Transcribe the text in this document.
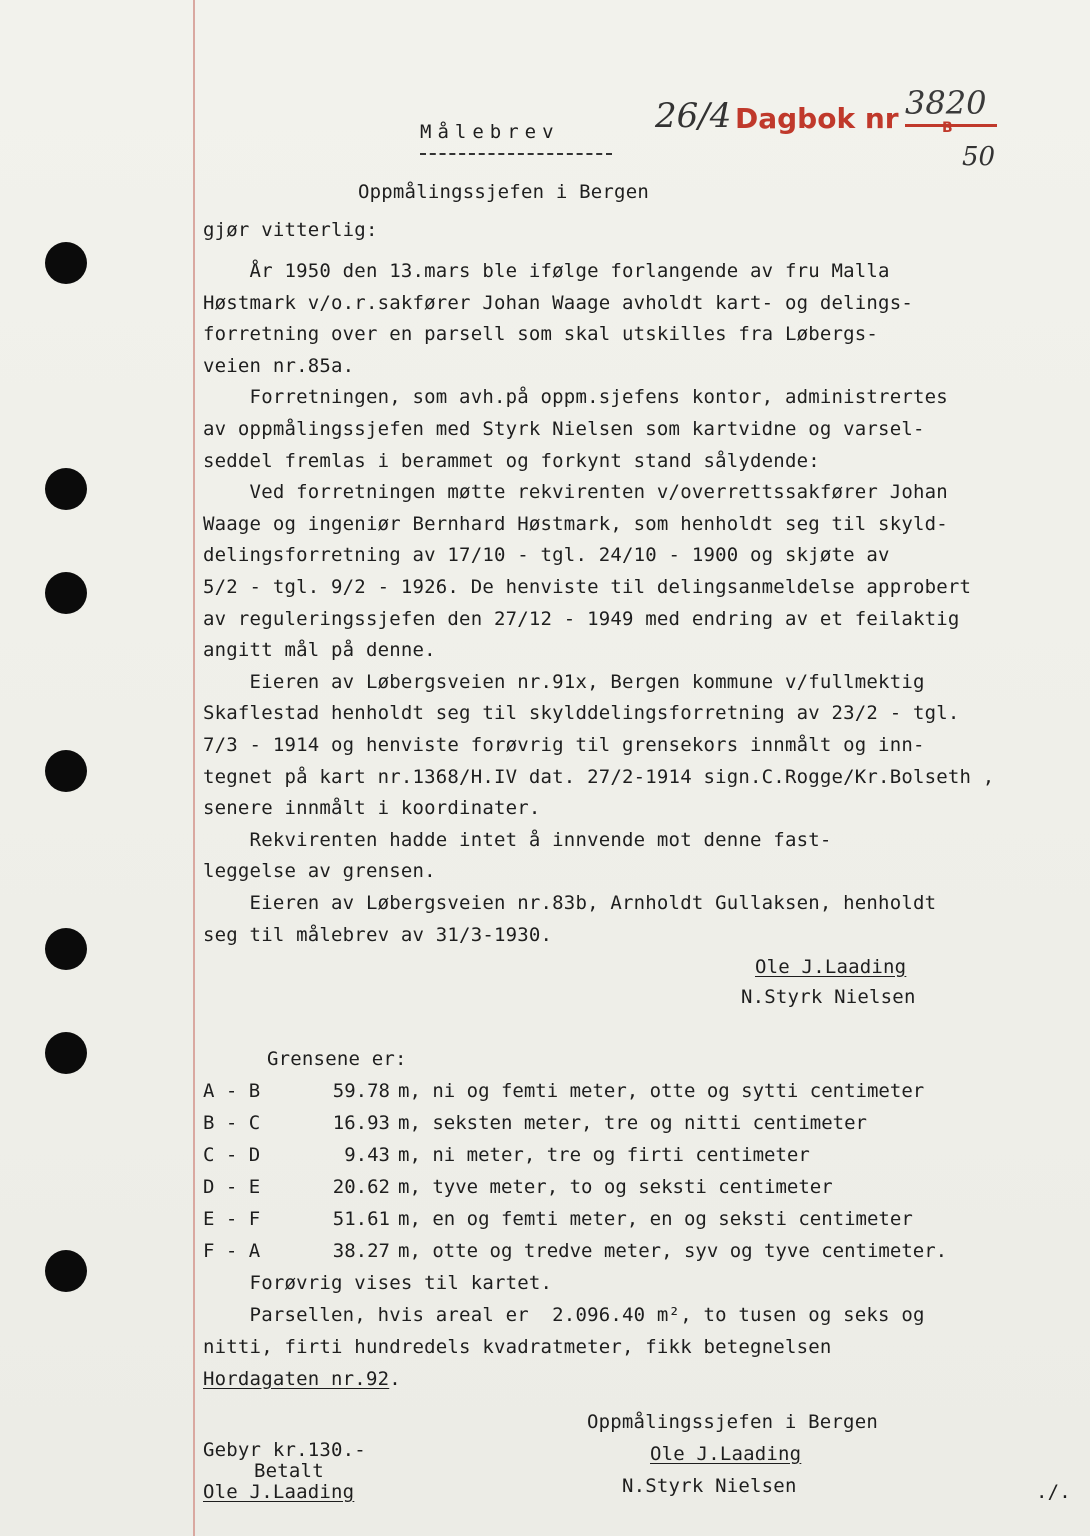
Målebrev	26/4 Dagbok nr 3820
B
50
Oppmålingssjefen i Bergen
gjør vitterlig:
År 1950 den 13.mars ble ifølge forlangende av fru Malla
Høstmark v/o.r.sakfører Johan Waage avholdt kart- og delings-
forretning over en parsell som skal utskilles fra Løbergs-
veien nr.85a.
Forretningen, som avh.på oppm.sjefens kontor, administrertes
av oppmålingssjefen med Styrk Nielsen som kartvidne og varsel-
seddel fremlas i berammet og forkynt stand sålydende:
Ved forretningen møtte rekvirenten v/overrettssakfører Johan
Waage og ingeniør Bernhard Høstmark, som henholdt seg til skyld-
delingsforretning av 17/10 - tgl. 24/10 - 1900 og skjøte av
5/2 - tgl. 9/2 - 1926. De henviste til delingsanmeldelse approbert
av reguleringssjefen den 27/12 - 1949 med endring av et feilaktig
angitt mål på denne.
Eieren av Løbergsveien nr.91x, Bergen kommune v/fullmektig
Skaflestad henholdt seg til skylddelingsforretning av 23/2 - tgl.
7/3 - 1914 og henviste forøvrig til grensekors innmålt og inn-
tegnet på kart nr.1368/H.IV dat. 27/2-1914 sign.C.Rogge/Kr.Bolseth ,
senere innmålt i koordinater.
Rekvirenten hadde intet å innvende mot denne fast-
leggelse av grensen.
Eieren av Løbergsveien nr.83b, Arnholdt Gullaksen, henholdt
seg til målebrev av 31/3-1930.
Ole J.Laading
N.Styrk Nielsen
Grensene er:
A - B	59.78 m, ni og femti meter, otte og sytti centimeter
B - C	16.93 m, seksten meter, tre og nitti centimeter
C - D	9.43 m, ni meter, tre og firti centimeter
D - E	20.62 m, tyve meter, to og seksti centimeter
E - F	51.61 m, en og femti meter, en og seksti centimeter
F - A	38.27 m, otte og tredve meter, syv og tyve centimeter.
Forøvrig vises til kartet.
Parsellen, hvis areal er  2.096.40 m², to tusen og seks og
nitti, firti hundredels kvadratmeter, fikk betegnelsen
Hordagaten nr.92.
Oppmålingssjefen i Bergen
Ole J.Laading
N.Styrk Nielsen
Gebyr kr.130.-
Betalt
Ole J.Laading	./.
